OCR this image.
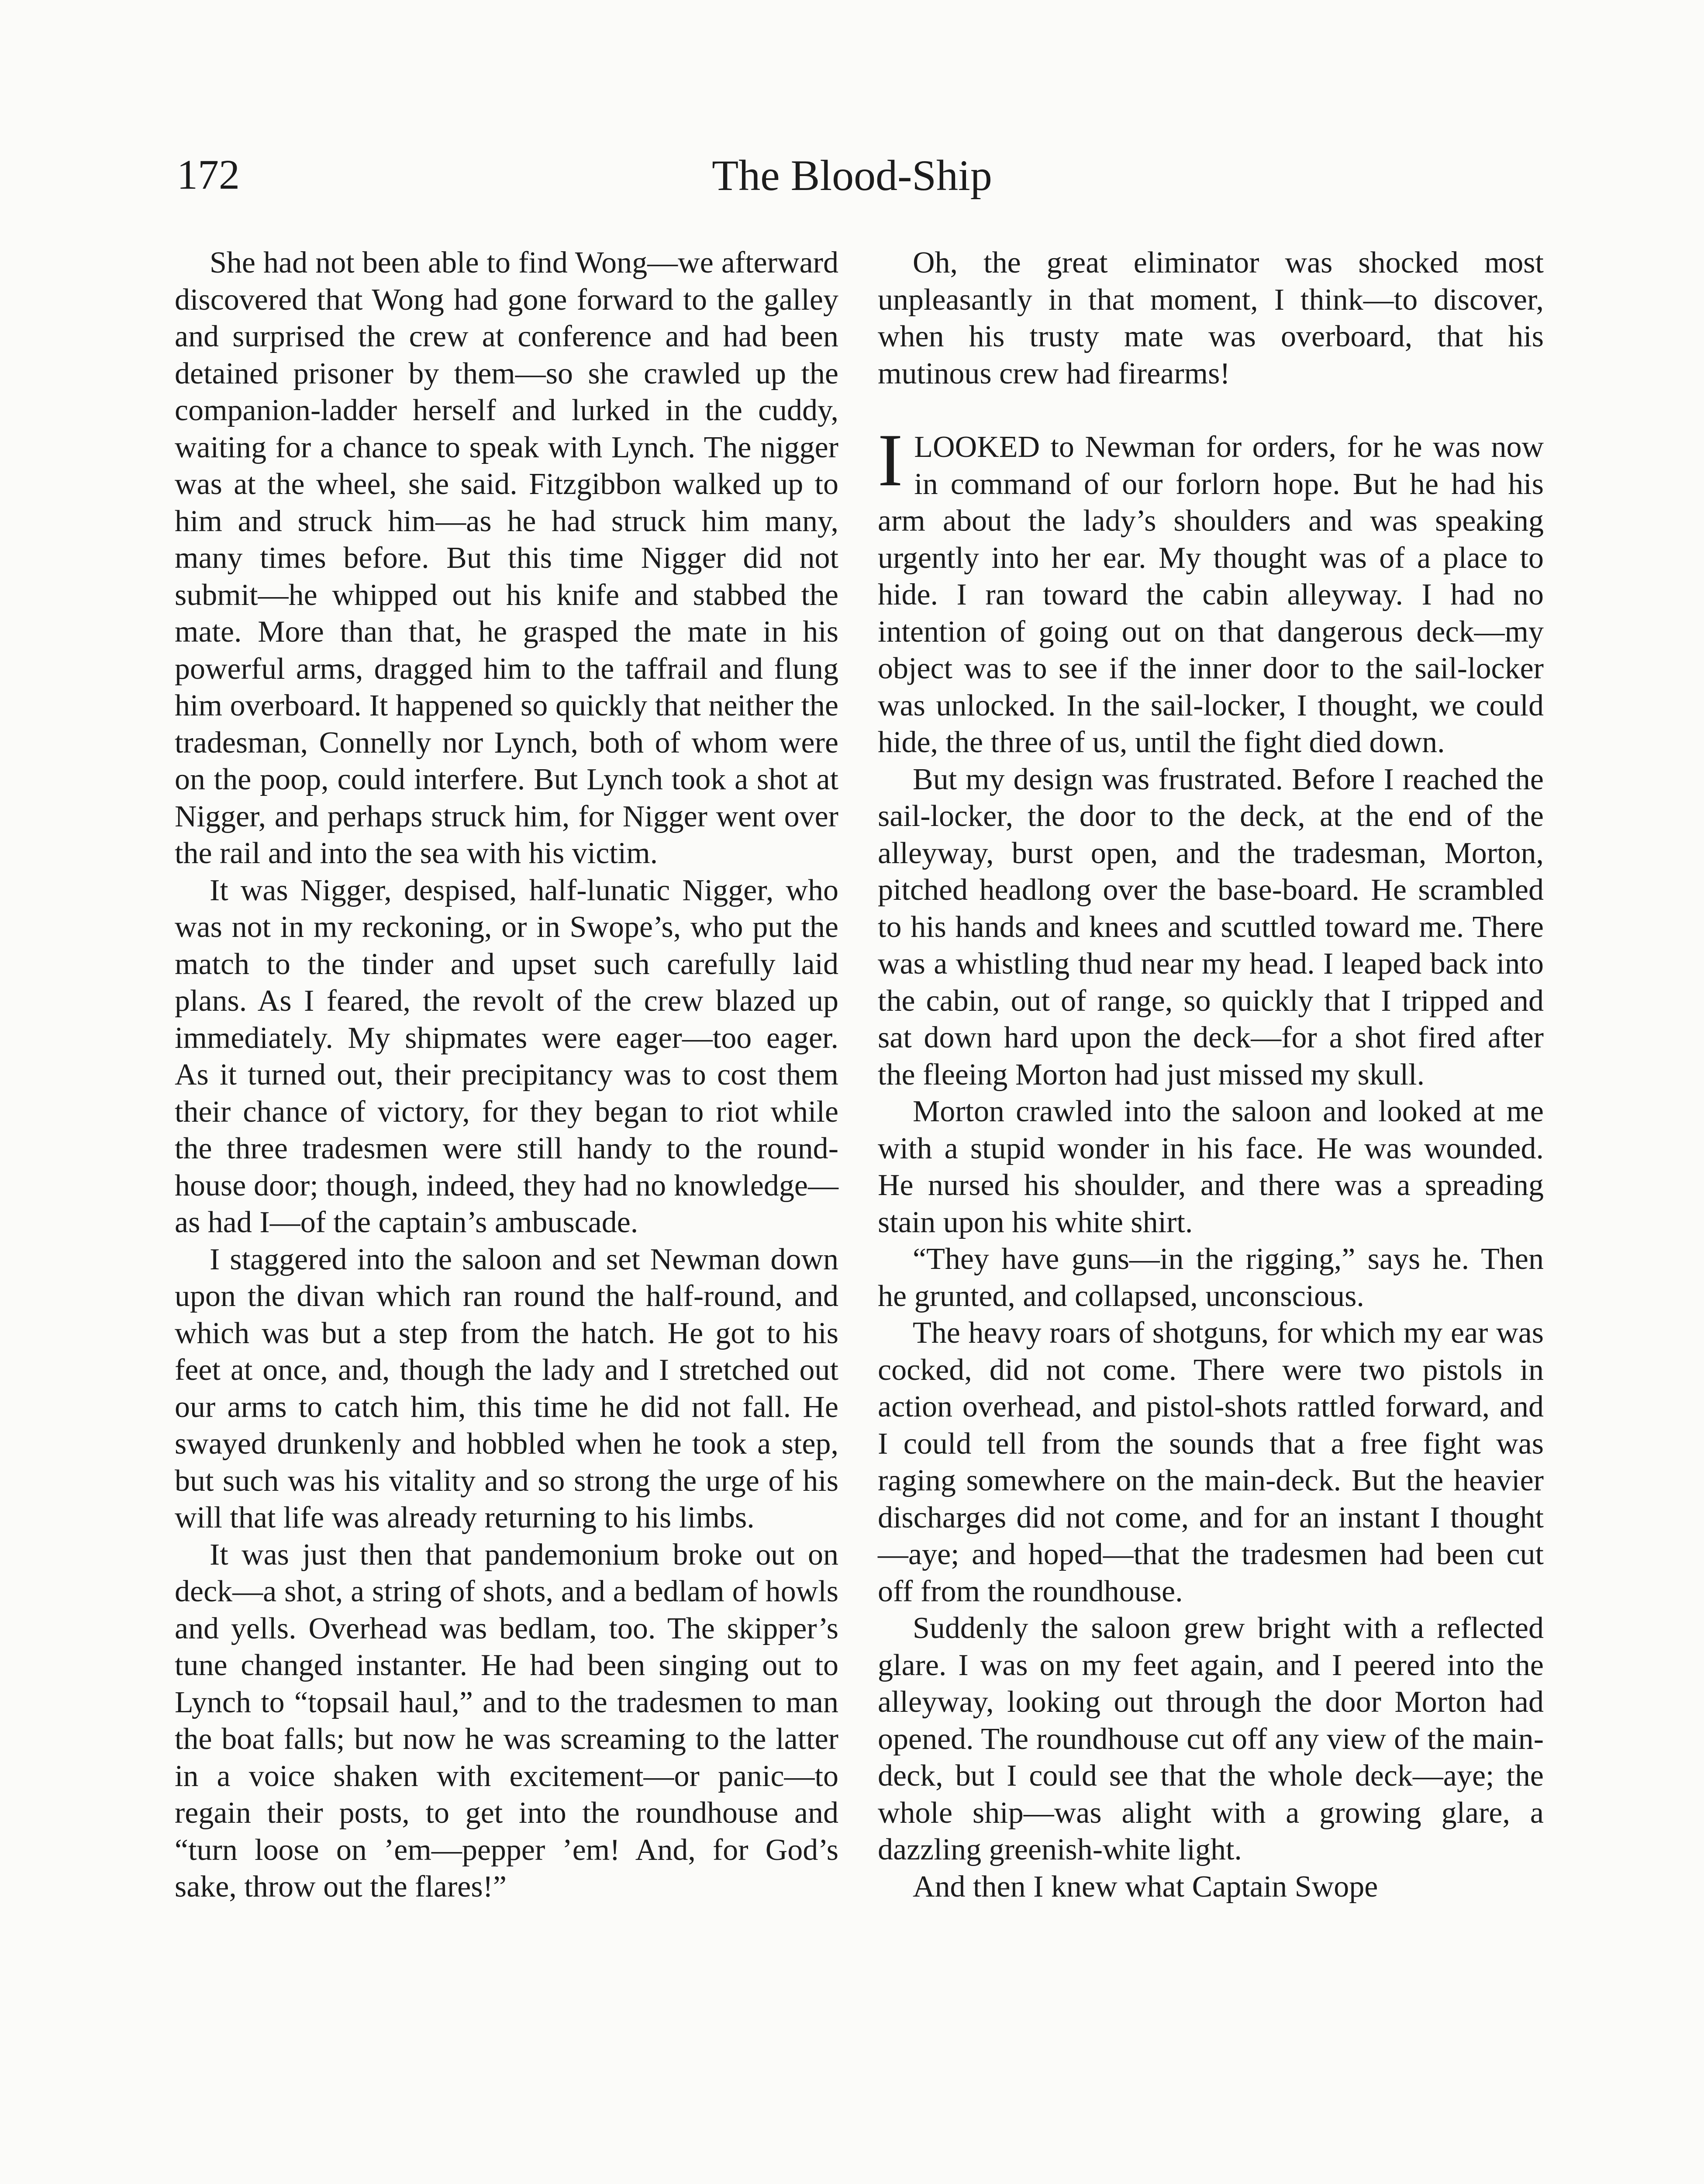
172	The Blood-Ship

She had not been able to find Wong—we afterward discovered that Wong had gone forward to the galley and surprised the crew at conference and had been detained prisoner by them—so she crawled up the companion-ladder herself and lurked in the cuddy, waiting for a chance to speak with Lynch. The nigger was at the wheel, she said. Fitzgibbon walked up to him and struck him—as he had struck him many, many times before. But this time Nigger did not submit—he whipped out his knife and stabbed the mate. More than that, he grasped the mate in his powerful arms, dragged him to the taffrail and flung him overboard. It happened so quickly that neither the tradesman, Connelly nor Lynch, both of whom were on the poop, could interfere. But Lynch took a shot at Nigger, and perhaps struck him, for Nigger went over the rail and into the sea with his victim.

It was Nigger, despised, half-lunatic Nigger, who was not in my reckoning, or in Swope’s, who put the match to the tinder and upset such carefully laid plans. As I feared, the revolt of the crew blazed up immediately. My shipmates were eager—too eager. As it turned out, their precipitancy was to cost them their chance of victory, for they began to riot while the three tradesmen were still handy to the roundhouse door; though, indeed, they had no knowledge—as had I—of the captain’s ambuscade.

I staggered into the saloon and set Newman down upon the divan which ran round the half-round, and which was but a step from the hatch. He got to his feet at once, and, though the lady and I stretched out our arms to catch him, this time he did not fall. He swayed drunkenly and hobbled when he took a step, but such was his vitality and so strong the urge of his will that life was already returning to his limbs.

It was just then that pandemonium broke out on deck—a shot, a string of shots, and a bedlam of howls and yells. Overhead was bedlam, too. The skipper’s tune changed instanter. He had been singing out to Lynch to “topsail haul,” and to the tradesmen to man the boat falls; but now he was screaming to the latter in a voice shaken with excitement—or panic—to regain their posts, to get into the roundhouse and “turn loose on ’em—pepper ’em! And, for God’s sake, throw out the flares!”

Oh, the great eliminator was shocked most unpleasantly in that moment, I think—to discover, when his trusty mate was overboard, that his mutinous crew had firearms!

ILOOKED to Newman for orders, for he was now in command of our forlorn hope. But he had his arm about the lady’s shoulders and was speaking urgently into her ear. My thought was of a place to hide. I ran toward the cabin alleyway. I had no intention of going out on that dangerous deck—my object was to see if the inner door to the sail-locker was unlocked. In the sail-locker, I thought, we could hide, the three of us, until the fight died down.

But my design was frustrated. Before I reached the sail-locker, the door to the deck, at the end of the alleyway, burst open, and the tradesman, Morton, pitched headlong over the base-board. He scrambled to his hands and knees and scuttled toward me. There was a whistling thud near my head. I leaped back into the cabin, out of range, so quickly that I tripped and sat down hard upon the deck—for a shot fired after the fleeing Morton had just missed my skull.

Morton crawled into the saloon and looked at me with a stupid wonder in his face. He was wounded. He nursed his shoulder, and there was a spreading stain upon his white shirt.

“They have guns—in the rigging,” says he. Then he grunted, and collapsed, unconscious.

The heavy roars of shotguns, for which my ear was cocked, did not come. There were two pistols in action overhead, and pistol-shots rattled forward, and I could tell from the sounds that a free fight was raging somewhere on the main-deck. But the heavier discharges did not come, and for an instant I thought—aye; and hoped—that the tradesmen had been cut off from the roundhouse.

Suddenly the saloon grew bright with a reflected glare. I was on my feet again, and I peered into the alleyway, looking out through the door Morton had opened. The roundhouse cut off any view of the maindeck, but I could see that the whole deck—aye; the whole ship—was alight with a growing glare, a dazzling greenish-white light.

And then I knew what Captain Swope
